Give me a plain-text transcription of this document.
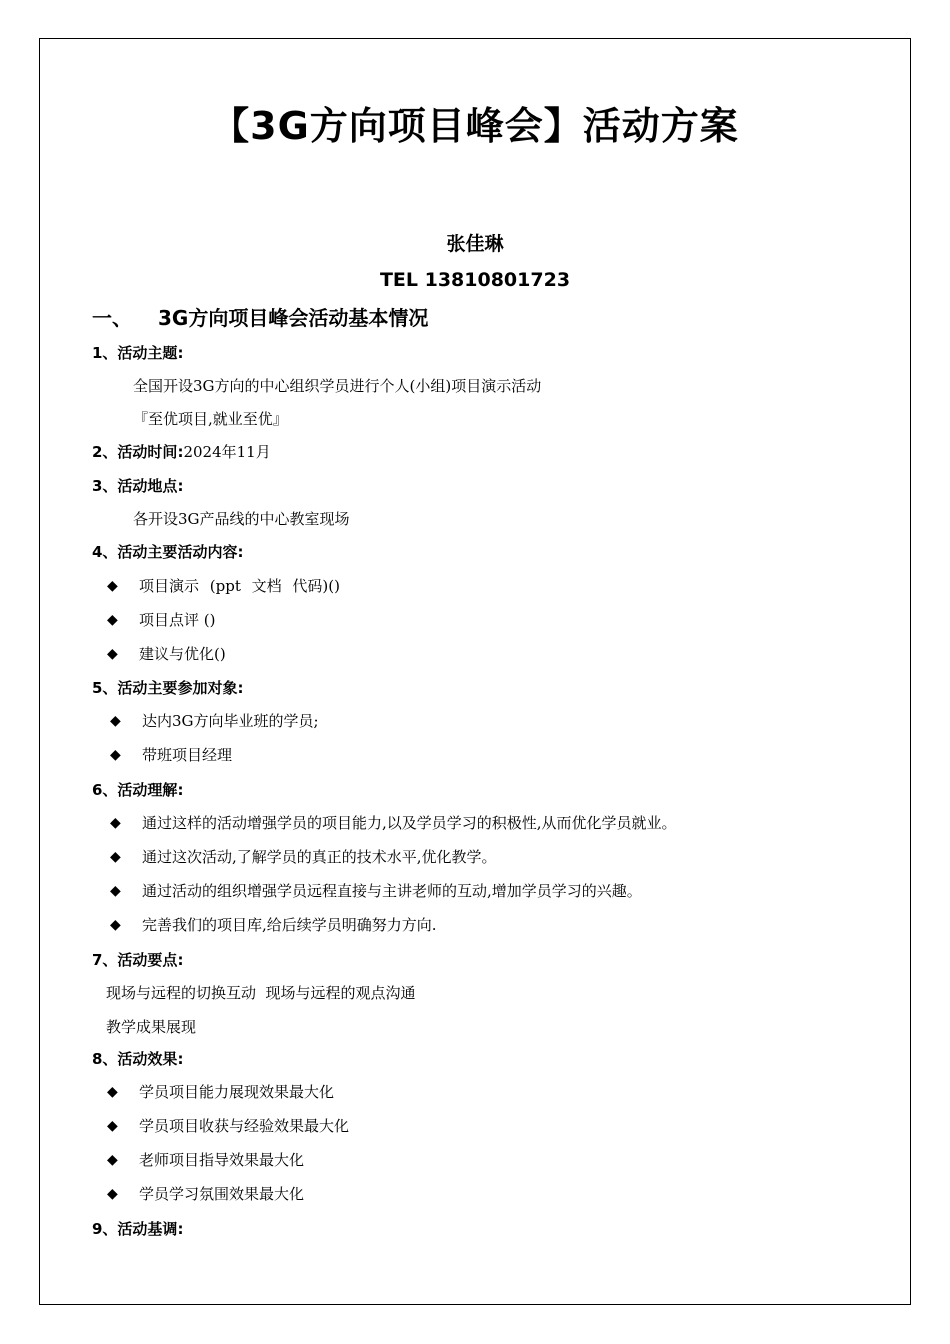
【3G方向项目峰会】活动方案
张佳琳
TEL 13810801723
一、 3G方向项目峰会活动基本情况
1、活动主题:
全国开设3G方向的中心组织学员进行个人(小组)项目演示活动
『至优项目,就业至优』
2、活动时间:2024年11月
3、活动地点:
各开设3G产品线的中心教室现场
4、活动主要活动内容:
◆ 项目演示 (ppt 文档 代码)()
◆ 项目点评 ()
◆ 建议与优化()
5、活动主要参加对象:
◆ 达内3G方向毕业班的学员;
◆ 带班项目经理
6、活动理解:
◆ 通过这样的活动增强学员的项目能力,以及学员学习的积极性,从而优化学员就业。
◆ 通过这次活动,了解学员的真正的技术水平,优化教学。
◆ 通过活动的组织增强学员远程直接与主讲老师的互动,增加学员学习的兴趣。
◆ 完善我们的项目库,给后续学员明确努力方向.
7、活动要点:
现场与远程的切换互动  现场与远程的观点沟通
教学成果展现
8、活动效果:
◆ 学员项目能力展现效果最大化
◆ 学员项目收获与经验效果最大化
◆ 老师项目指导效果最大化
◆ 学员学习氛围效果最大化
9、活动基调:
